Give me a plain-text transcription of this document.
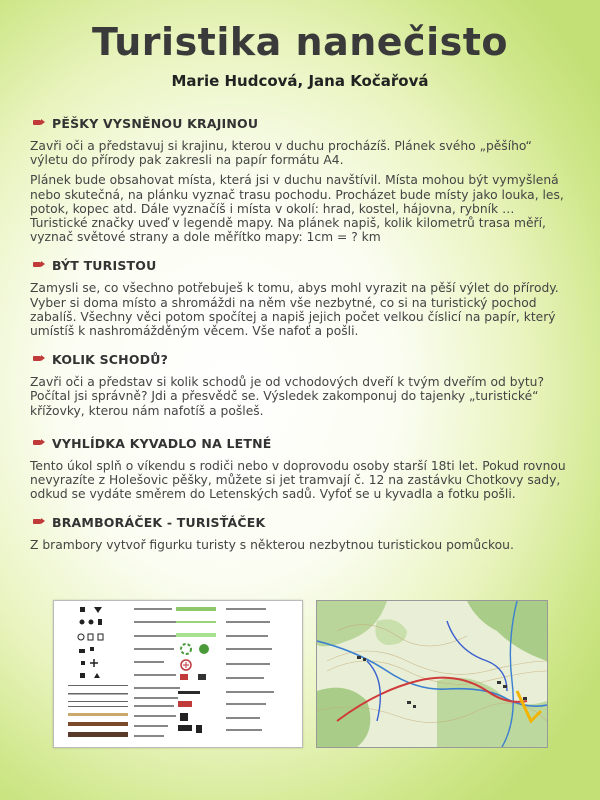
Turistika nanečisto
Marie Hudcová, Jana Kočařová
PĚŠKY VYSNĚNOU KRAJINOU

Zavři oči a představuj si krajinu, kterou v duchu procházíš. Plánek svého „pěšího“ výletu do přírody pak zakresli na papír formátu A4.

Plánek bude obsahovat místa, která jsi v duchu navštívil. Místa mohou být vymyšlená nebo skutečná, na plánku vyznač trasu pochodu. Procházet bude místy jako louka, les, potok, kopec atd. Dále vyznačíš i místa v okolí: hrad, kostel, hájovna, rybník … Turistické značky uveď v legendě mapy. Na plánek napiš, kolik kilometrů trasa měří, vyznač světové strany a dole měřítko mapy: 1cm = ? km

BÝT TURISTOU

Zamysli se, co všechno potřebuješ k tomu, abys mohl vyrazit na pěší výlet do přírody. Vyber si doma místo a shromáždi na něm vše nezbytné, co si na turistický pochod zabalíš. Všechny věci potom spočítej a napiš jejich počet velkou číslicí na papír, který umístíš k nashromážděným věcem. Vše nafoť a pošli.

KOLIK SCHODŮ?

Zavři oči a představ si kolik schodů je od vchodových dveří k tvým dveřím od bytu? Počítal jsi správně? Jdi a přesvědč se. Výsledek zakomponuj do tajenky „turistické“ křížovky, kterou nám nafotíš a pošleš.

VYHLÍDKA KYVADLO NA LETNÉ

Tento úkol splň o víkendu s rodiči nebo v doprovodu osoby starší 18ti let. Pokud rovnou nevyrazíte z Holešovic pěšky, můžete si jet tramvají č. 12 na zastávku Chotkovy sady, odkud se vydáte směrem do Letenských sadů. Vyfoť se u kyvadla a fotku pošli.

BRAMBORÁČEK - TURISŤÁČEK

Z brambory vytvoř figurku turisty s některou nezbytnou turistickou pomůckou.
